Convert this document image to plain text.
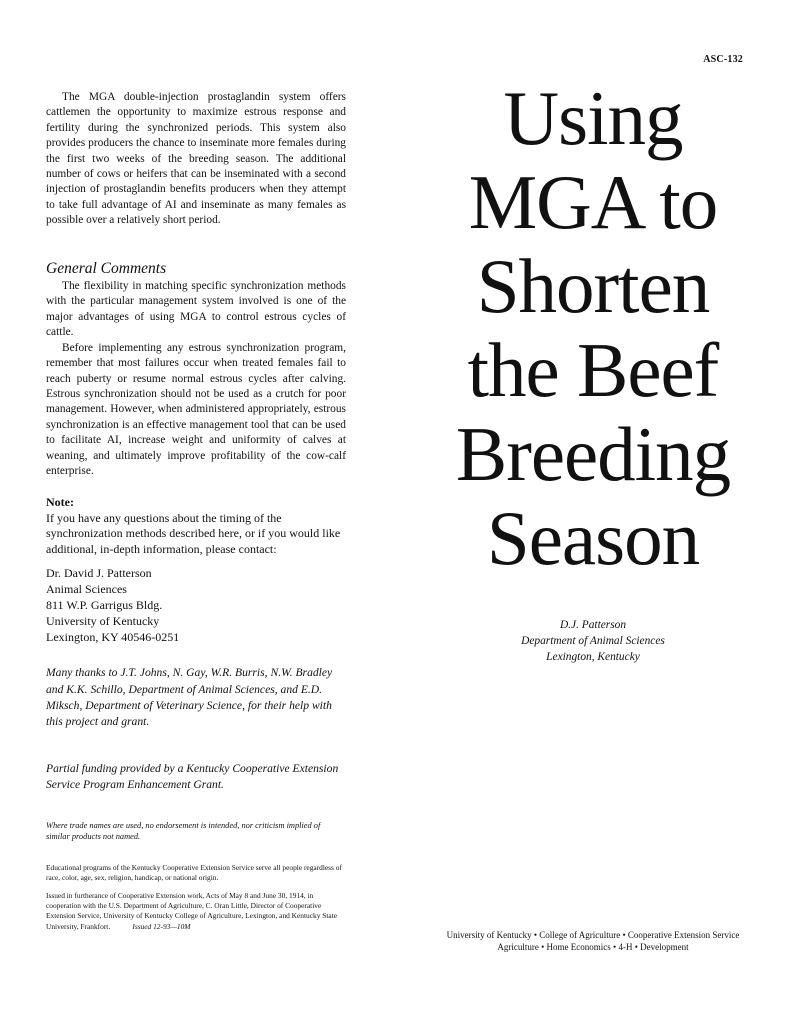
ASC-132

The MGA double-injection prostaglandin system offers cattlemen the opportunity to maximize estrous response and fertility during the synchronized periods. This system also provides producers the chance to inseminate more females during the first two weeks of the breeding season. The additional number of cows or heifers that can be inseminated with a second injection of prostaglandin benefits producers when they attempt to take full advantage of AI and inseminate as many females as possible over a relatively short period.

General Comments

The flexibility in matching specific synchronization methods with the particular management system involved is one of the major advantages of using MGA to control estrous cycles of cattle.

Before implementing any estrous synchronization program, remember that most failures occur when treated females fail to reach puberty or resume normal estrous cycles after calving. Estrous synchronization should not be used as a crutch for poor management. However, when administered appropriately, estrous synchronization is an effective management tool that can be used to facilitate AI, increase weight and uniformity of calves at weaning, and ultimately improve profitability of the cow-calf enterprise.

Note:
If you have any questions about the timing of the synchronization methods described here, or if you would like additional, in-depth information, please contact:
Dr. David J. Patterson
Animal Sciences
811 W.P. Garrigus Bldg.
University of Kentucky
Lexington, KY 40546-0251
Many thanks to J.T. Johns, N. Gay, W.R. Burris, N.W. Bradley and K.K. Schillo, Department of Animal Sciences, and E.D. Miksch, Department of Veterinary Science, for their help with this project and grant.
Partial funding provided by a Kentucky Cooperative Extension Service Program Enhancement Grant.
Where trade names are used, no endorsement is intended, nor criticism implied of similar products not named.
Educational programs of the Kentucky Cooperative Extension Service serve all people regardless of race, color, age, sex, religion, handicap, or national origin.
Issued in furtherance of Cooperative Extension work, Acts of May 8 and June 30, 1914, in cooperation with the U.S. Department of Agriculture, C. Oran Little, Director of Cooperative Extension Service, University of Kentucky College of Agriculture, Lexington, and Kentucky State University, Frankfort.	Issued 12-93—10M
Using
MGA to
Shorten
the Beef
Breeding
Season
D.J. Patterson
Department of Animal Sciences
Lexington, Kentucky
University of Kentucky • College of Agriculture • Cooperative Extension Service
Agriculture • Home Economics • 4-H • Development
